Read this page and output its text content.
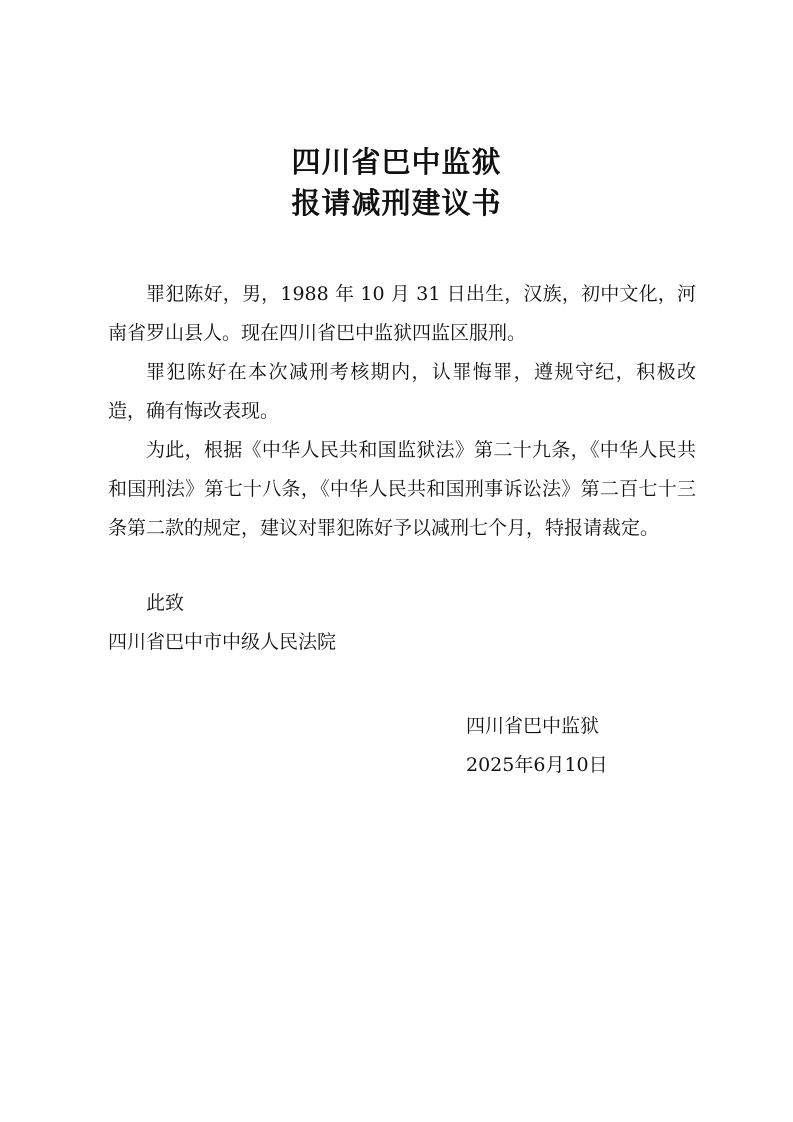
四川省巴中监狱
报请减刑建议书
罪犯陈好，男，1988 年 10 月 31 日出生，汉族，初中文化，河南省罗山县人。现在四川省巴中监狱四监区服刑。
罪犯陈好在本次减刑考核期内，认罪悔罪，遵规守纪，积极改造，确有悔改表现。
为此，根据《中华人民共和国监狱法》第二十九条，《中华人民共和国刑法》第七十八条，《中华人民共和国刑事诉讼法》第二百七十三条第二款的规定，建议对罪犯陈好予以减刑七个月，特报请裁定。
此致
四川省巴中市中级人民法院
四川省巴中监狱
2025年6月10日
